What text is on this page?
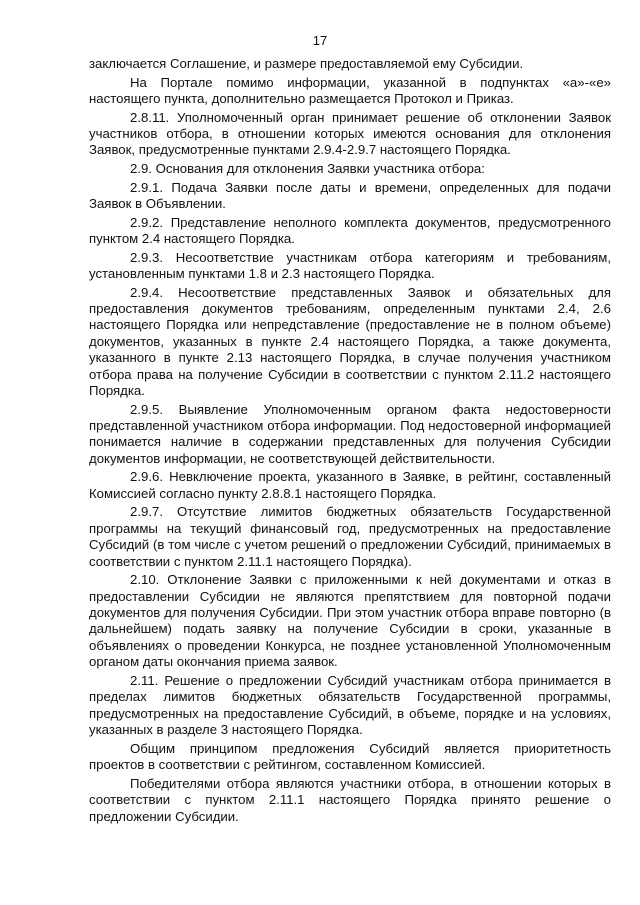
17

заключается Соглашение, и размере предоставляемой ему Субсидии.

На Портале помимо информации, указанной в подпунктах «а»-«е» настоящего пункта, дополнительно размещается Протокол и Приказ.

2.8.11. Уполномоченный орган принимает решение об отклонении Заявок участников отбора, в отношении которых имеются основания для отклонения Заявок, предусмотренные пунктами 2.9.4-2.9.7 настоящего Порядка.

2.9. Основания для отклонения Заявки участника отбора:

2.9.1. Подача Заявки после даты и времени, определенных для подачи Заявок в Объявлении.

2.9.2. Представление неполного комплекта документов, предусмотренного пунктом 2.4 настоящего Порядка.

2.9.3. Несоответствие участникам отбора категориям и требованиям, установленным пунктами 1.8 и 2.3 настоящего Порядка.

2.9.4. Несоответствие представленных Заявок и обязательных для предоставления документов требованиям, определенным пунктами 2.4, 2.6 настоящего Порядка или непредставление (предоставление не в полном объеме) документов, указанных в пункте 2.4 настоящего Порядка, а также документа, указанного в пункте 2.13 настоящего Порядка, в случае получения участником отбора права на получение Субсидии в соответствии с пунктом 2.11.2 настоящего Порядка.

2.9.5. Выявление Уполномоченным органом факта недостоверности представленной участником отбора информации. Под недостоверной информацией понимается наличие в содержании представленных для получения Субсидии документов информации, не соответствующей действительности.

2.9.6. Невключение проекта, указанного в Заявке, в рейтинг, составленный Комиссией согласно пункту 2.8.8.1 настоящего Порядка.

2.9.7. Отсутствие лимитов бюджетных обязательств Государственной программы на текущий финансовый год, предусмотренных на предоставление Субсидий (в том числе с учетом решений о предложении Субсидий, принимаемых в соответствии с пунктом 2.11.1 настоящего Порядка).

2.10. Отклонение Заявки с приложенными к ней документами и отказ в предоставлении Субсидии не являются препятствием для повторной подачи документов для получения Субсидии. При этом участник отбора вправе повторно (в дальнейшем) подать заявку на получение Субсидии в сроки, указанные в объявлениях о проведении Конкурса, не позднее установленной Уполномоченным органом даты окончания приема заявок.

2.11. Решение о предложении Субсидий участникам отбора принимается в пределах лимитов бюджетных обязательств Государственной программы, предусмотренных на предоставление Субсидий, в объеме, порядке и на условиях, указанных в разделе 3 настоящего Порядка.

Общим принципом предложения Субсидий является приоритетность проектов в соответствии с рейтингом, составленном Комиссией.

Победителями отбора являются участники отбора, в отношении которых в соответствии с пунктом 2.11.1 настоящего Порядка принято решение о предложении Субсидии.
